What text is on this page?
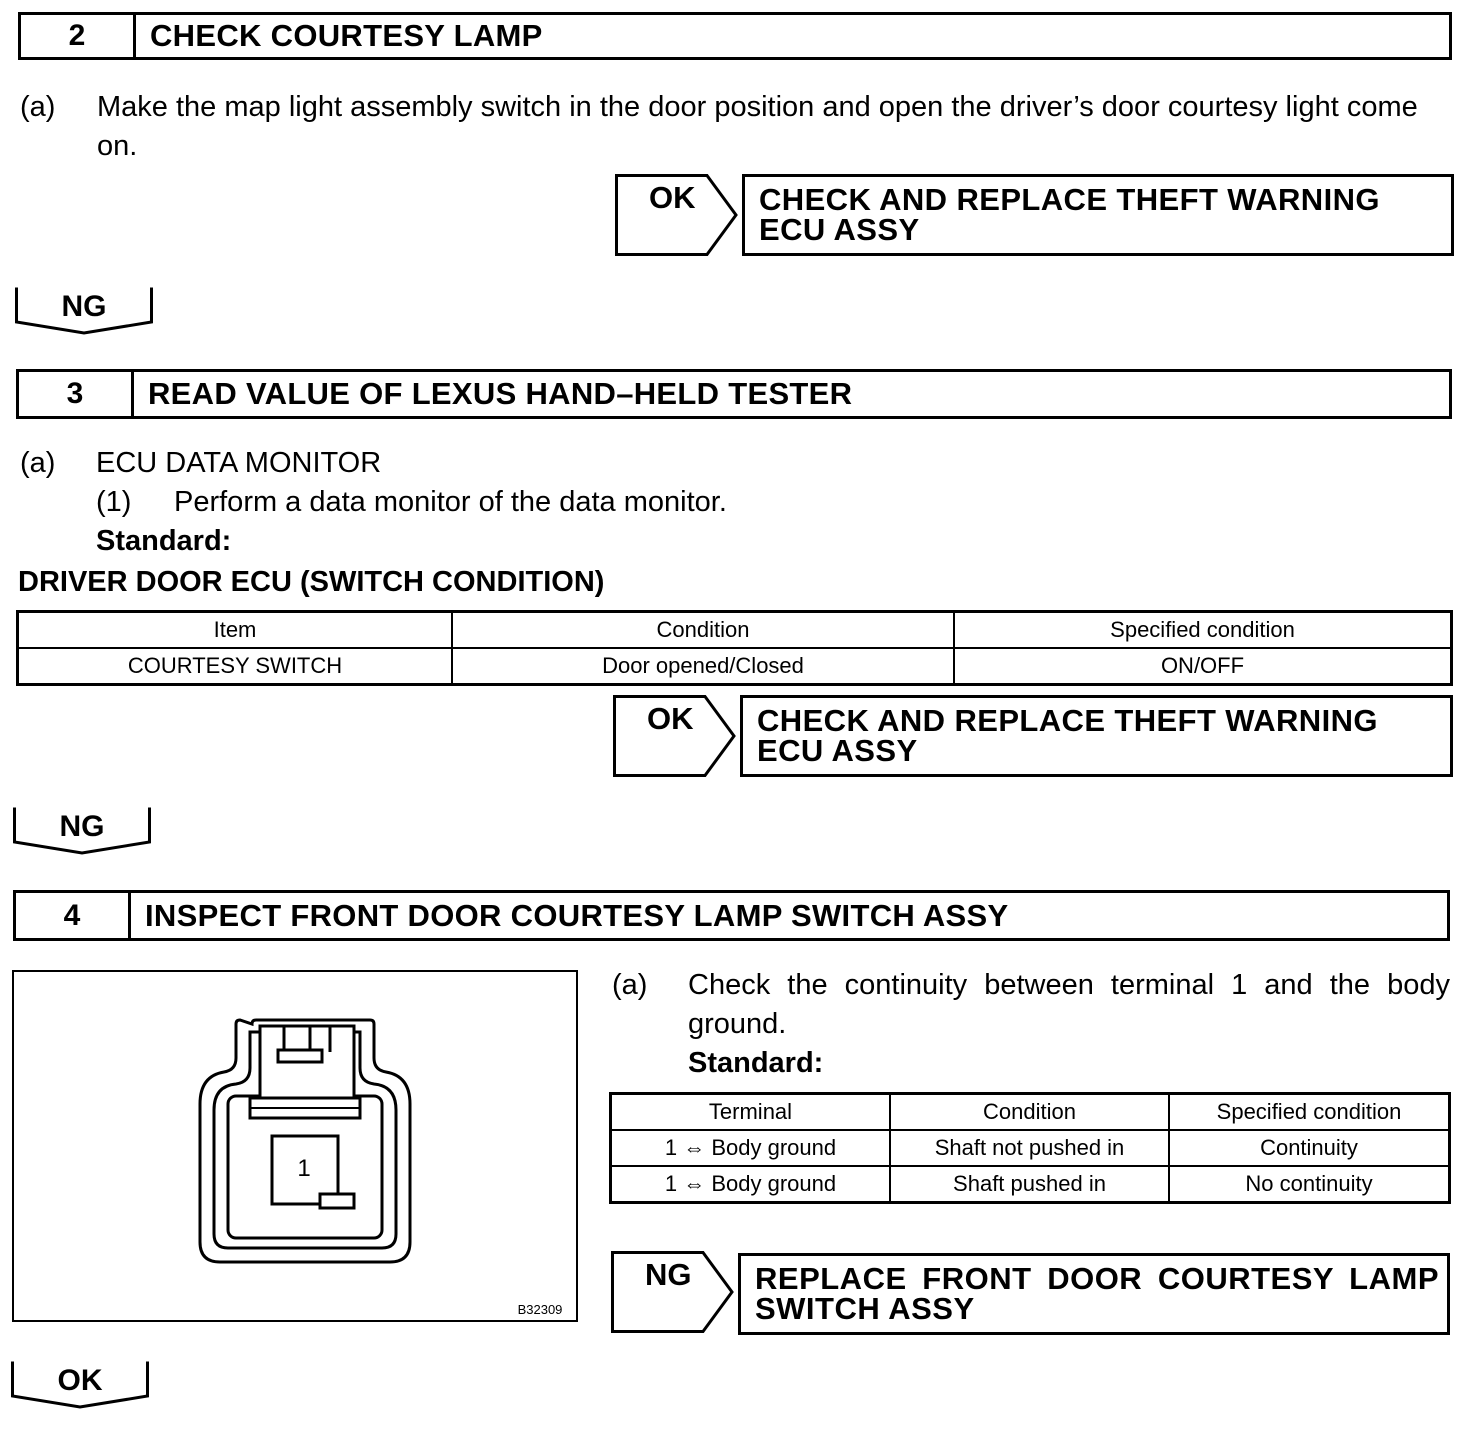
2	CHECK COURTESY LAMP
(a) Make the map light assembly switch in the door position and open the driver’s door courtesy light come on.
OK CHECK AND REPLACE THEFT WARNING ECU ASSY
NG
3	READ VALUE OF LEXUS HAND–HELD TESTER
(a) ECU DATA MONITOR
(1) Perform a data monitor of the data monitor.
Standard:
DRIVER DOOR ECU (SWITCH CONDITION)
Item	Condition	Specified condition
COURTESY SWITCH	Door opened/Closed	ON/OFF
OK CHECK AND REPLACE THEFT WARNING ECU ASSY
NG
4	INSPECT FRONT DOOR COURTESY LAMP SWITCH ASSY
1
B32309
(a) Check the continuity between terminal 1 and the body ground.
Standard:
Terminal	Condition	Specified condition
1 ⇔ Body ground	Shaft not pushed in	Continuity
1 ⇔ Body ground	Shaft pushed in	No continuity
NG REPLACE FRONT DOOR COURTESY LAMP SWITCH ASSY
OK
